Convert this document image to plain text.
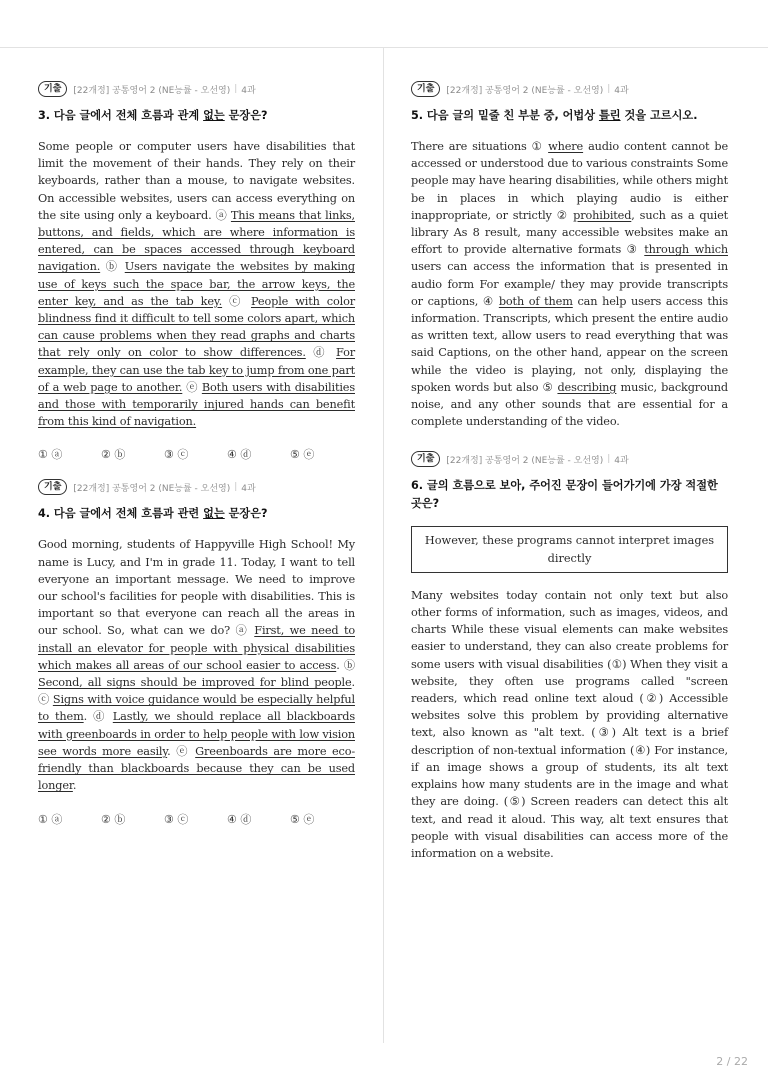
기출	[22개정] 공통영어 2 (NE능률 - 오선영) | 4과
3. 다음 글에서 전체 흐름과 관계 없는 문장은?
Some people or computer users have disabilities that limit the movement of their hands. They rely on their keyboards, rather than a mouse, to navigate websites. On accessible websites, users can access everything on the site using only a keyboard. ⓐ This means that links, buttons, and fields, which are where information is entered, can be spaces accessed through keyboard navigation. ⓑ Users navigate the websites by making use of keys such the space bar, the arrow keys, the enter key, and as the tab key. ⓒ People with color blindness find it difficult to tell some colors apart, which can cause problems when they read graphs and charts that rely only on color to show differences. ⓓ For example, they can use the tab key to jump from one part of a web page to another. ⓔ Both users with disabilities and those with temporarily injured hands can benefit from this kind of navigation.
① ⓐ	② ⓑ	③ ⓒ	④ ⓓ	⑤ ⓔ
기출	[22개정] 공통영어 2 (NE능률 - 오선영) | 4과
4. 다음 글에서 전체 흐름과 관련 없는 문장은?
Good morning, students of Happyville High School! My name is Lucy, and I'm in grade 11. Today, I want to tell everyone an important message. We need to improve our school's facilities for people with disabilities. This is important so that everyone can reach all the areas in our school. So, what can we do? ⓐ First, we need to install an elevator for people with physical disabilities which makes all areas of our school easier to access. ⓑ Second, all signs should be improved for blind people. ⓒ Signs with voice guidance would be especially helpful to them. ⓓ Lastly, we should replace all blackboards with greenboards in order to help people with low vision see words more easily. ⓔ Greenboards are more eco-friendly than blackboards because they can be used longer.
① ⓐ	② ⓑ	③ ⓒ	④ ⓓ	⑤ ⓔ
기출	[22개정] 공통영어 2 (NE능률 - 오선영) | 4과
5. 다음 글의 밑줄 친 부분 중, 어법상 틀린 것을 고르시오.
There are situations ① where audio content cannot be accessed or understood due to various constraints Some people may have hearing disabilities, while others might be in places in which playing audio is either inappropriate, or strictly ② prohibited, such as a quiet library As 8 result, many accessible websites make an effort to provide alternative formats ③ through which users can access the information that is presented in audio form For example/ they may provide transcripts or captions, ④ both of them can help users access this information. Transcripts, which present the entire audio as written text, allow users to read everything that was said Captions, on the other hand, appear on the screen while the video is playing, not only, displaying the spoken words but also ⑤ describing music, background noise, and any other sounds that are essential for a complete understanding of the video.
기출	[22개정] 공통영어 2 (NE능률 - 오선영) | 4과
6. 글의 흐름으로 보아, 주어진 문장이 들어가기에 가장 적절한 곳은?
However, these programs cannot interpret images directly
Many websites today contain not only text but also other forms of information, such as images, videos, and charts While these visual elements can make websites easier to understand, they can also create problems for some users with visual disabilities (①) When they visit a website, they often use programs called "screen readers, which read online text aloud (②) Accessible websites solve this problem by providing alternative text, also known as "alt text. (③) Alt text is a brief description of non-textual information (④) For instance, if an image shows a group of students, its alt text explains how many students are in the image and what they are doing. (⑤) Screen readers can detect this alt text, and read it aloud. This way, alt text ensures that people with visual disabilities can access more of the information on a website.
2 / 22
